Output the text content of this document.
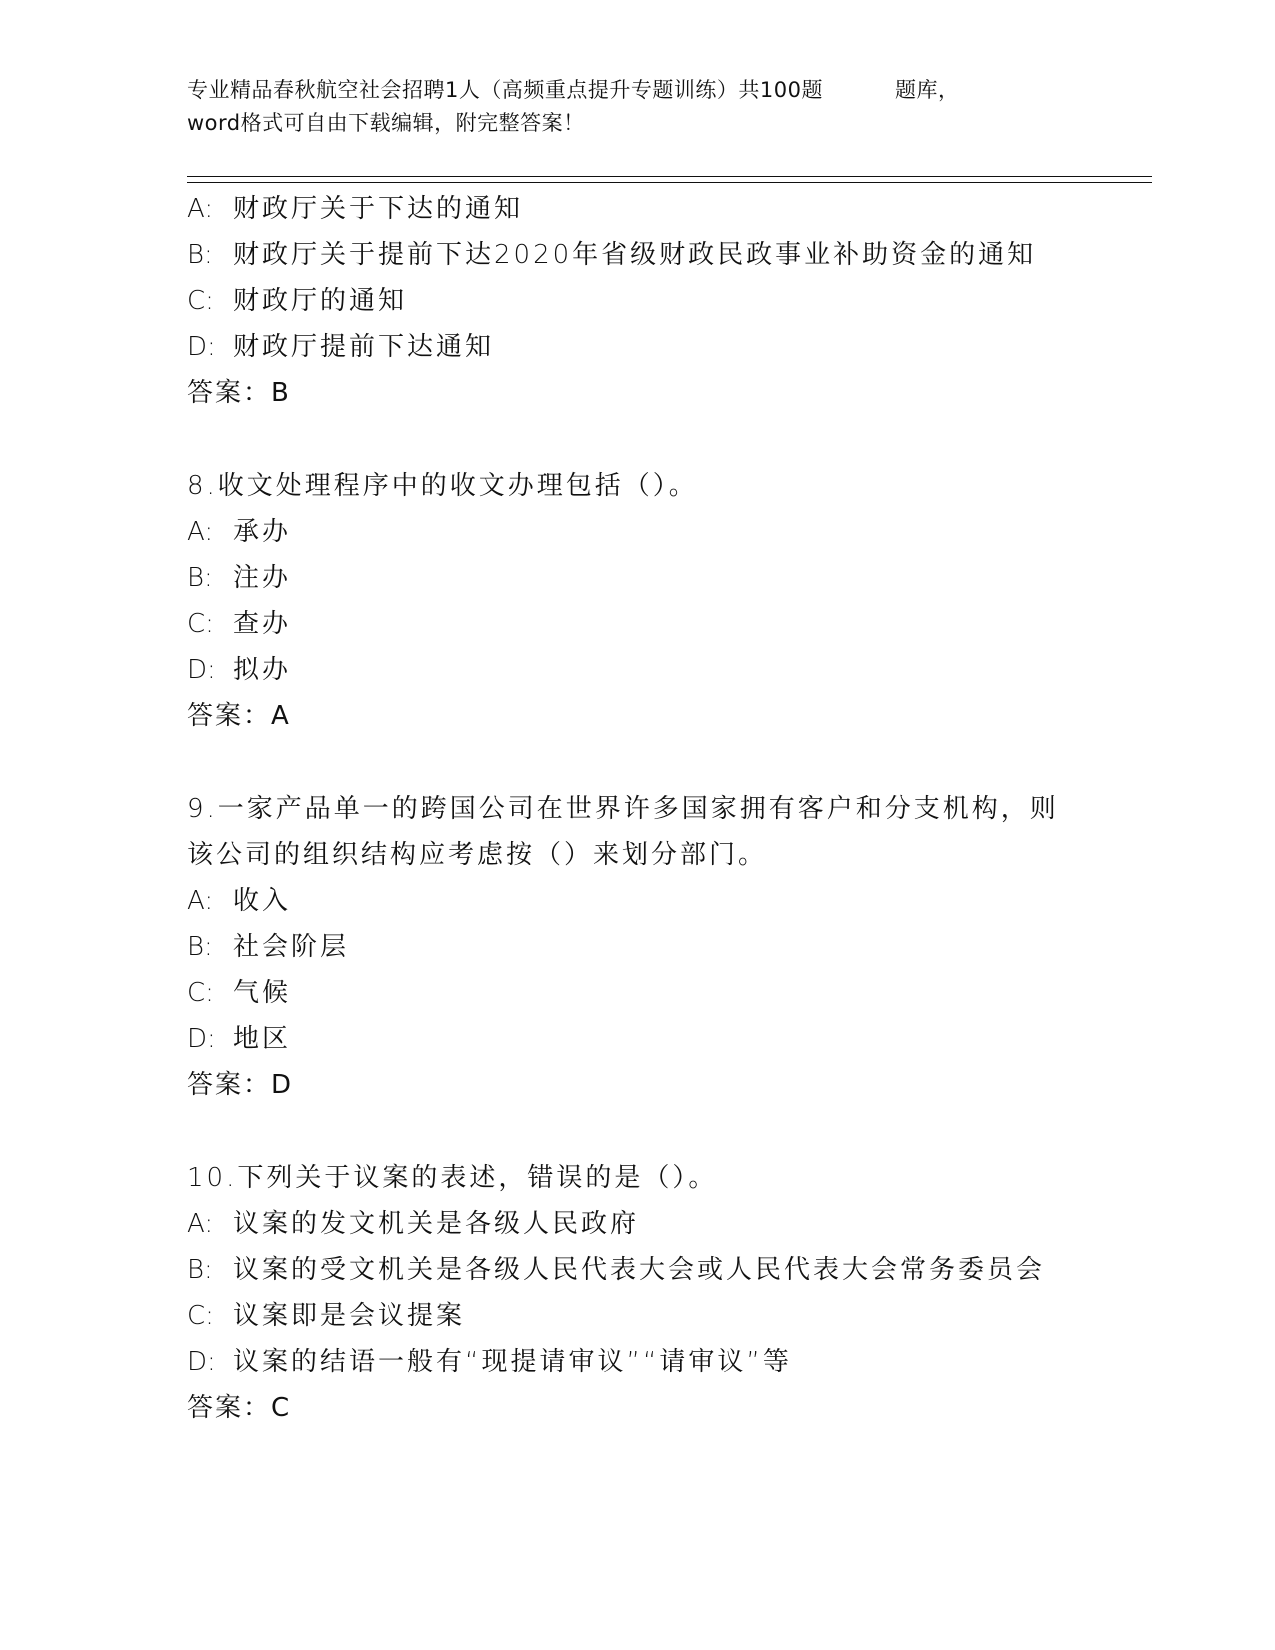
专业精品春秋航空社会招聘1人（高频重点提升专题训练）共100题	题库，
word格式可自由下载编辑，附完整答案！
A: 财政厅关于下达的通知
B: 财政厅关于提前下达2020年省级财政民政事业补助资金的通知
C: 财政厅的通知
D: 财政厅提前下达通知
答案：B
8.收文处理程序中的收文办理包括（）。
A: 承办
B: 注办
C: 查办
D: 拟办
答案：A
9.一家产品单一的跨国公司在世界许多国家拥有客户和分支机构，则
该公司的组织结构应考虑按（）来划分部门。
A: 收入
B: 社会阶层
C: 气候
D: 地区
答案：D
10.下列关于议案的表述，错误的是（）。
A: 议案的发文机关是各级人民政府
B: 议案的受文机关是各级人民代表大会或人民代表大会常务委员会
C: 议案即是会议提案
D: 议案的结语一般有“现提请审议”“请审议”等
答案：C
